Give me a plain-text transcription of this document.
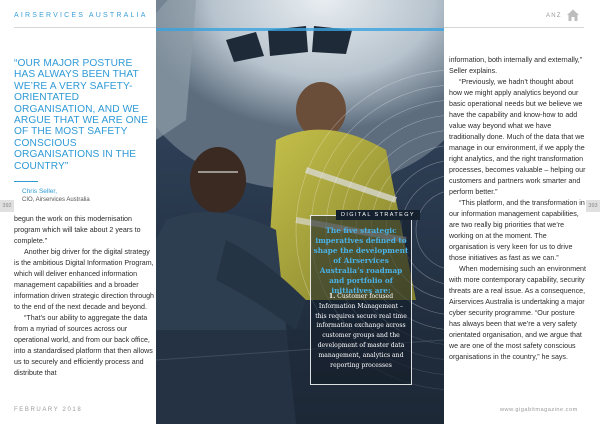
AIRSERVICES AUSTRALIA	ANZ
“OUR MAJOR POSTURE HAS ALWAYS BEEN THAT WE’RE A VERY SAFETY-ORIENTATED ORGANISATION, AND WE ARGUE THAT WE ARE ONE OF THE MOST SAFETY CONSCIOUS ORGANISATIONS IN THE COUNTRY”
Chris Seller,
CIO, Airservices Australia
392	393

begun the work on this modernisation program which will take about 2 years to complete.”

Another big driver for the digital strategy is the ambitious Digital Information Program, which will deliver enhanced information management capabilities and a broader information driven strategic direction through to the end of the next decade and beyond.

“That’s our ability to aggregate the data from a myriad of sources across our operational world, and from our back office, into a standardised platform that then allows us to securely and efficiently process and distribute that

information, both internally and externally,” Seller explains.

“Previously, we hadn’t thought about how we might apply analytics beyond our basic operational needs but we believe we have the capability and know-how to add value way beyond what we have traditionally done. Much of the data that we manage in our environment, if we apply the right analytics, and the right transformation processes, becomes valuable – helping our customers and partners work smarter and perform better.”

“This platform, and the transformation in our information management capabilities, are two really big priorities that we’re working on at the moment. The organisation is very keen for us to drive those initiatives as fast as we can.”

When modernising such an environment with more contemporary capability, security threats are a real issue. As a consequence, Airservices Australia is undertaking a major cyber security programme. “Our posture has always been that we’re a very safety orientated organisation, and we argue that we are one of the most safety conscious organisations in the country,” he says.

DIGITAL STRATEGY
The five strategic imperatives defined to shape the development of Airservices Australia’s roadmap and portfolio of initiatives are:
1. Customer focused Information Management – this requires secure real time information exchange across customer groups and the development of master data management, analytics and reporting processes
FEBRUARY 2018	www.gigabitmagazine.com
